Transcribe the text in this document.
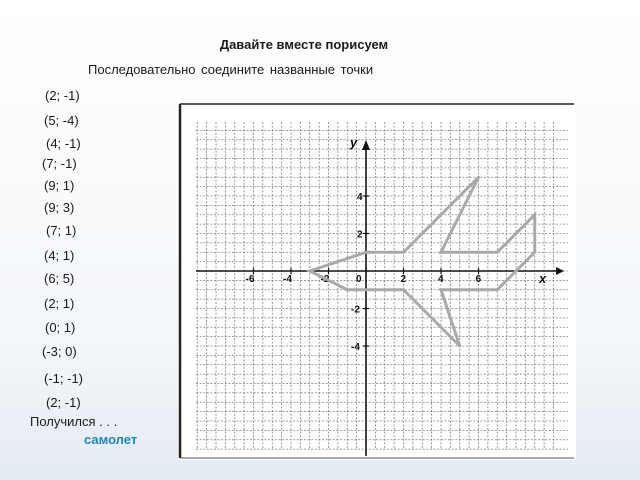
Давайте вместе порисуем
Последовательно соедините названные точки
(2; -1)
(5; -4)
(4; -1)
(7; -1)
(9; 1)
(9; 3)
(7; 1)
(4; 1)
(6; 5)
(2; 1)
(0; 1)
(-3; 0)
(-1; -1)
(2; -1)
Получился . . .
самолет
x
y
-6	-4	-2	0	2	4	6
4
2
-2
-4
